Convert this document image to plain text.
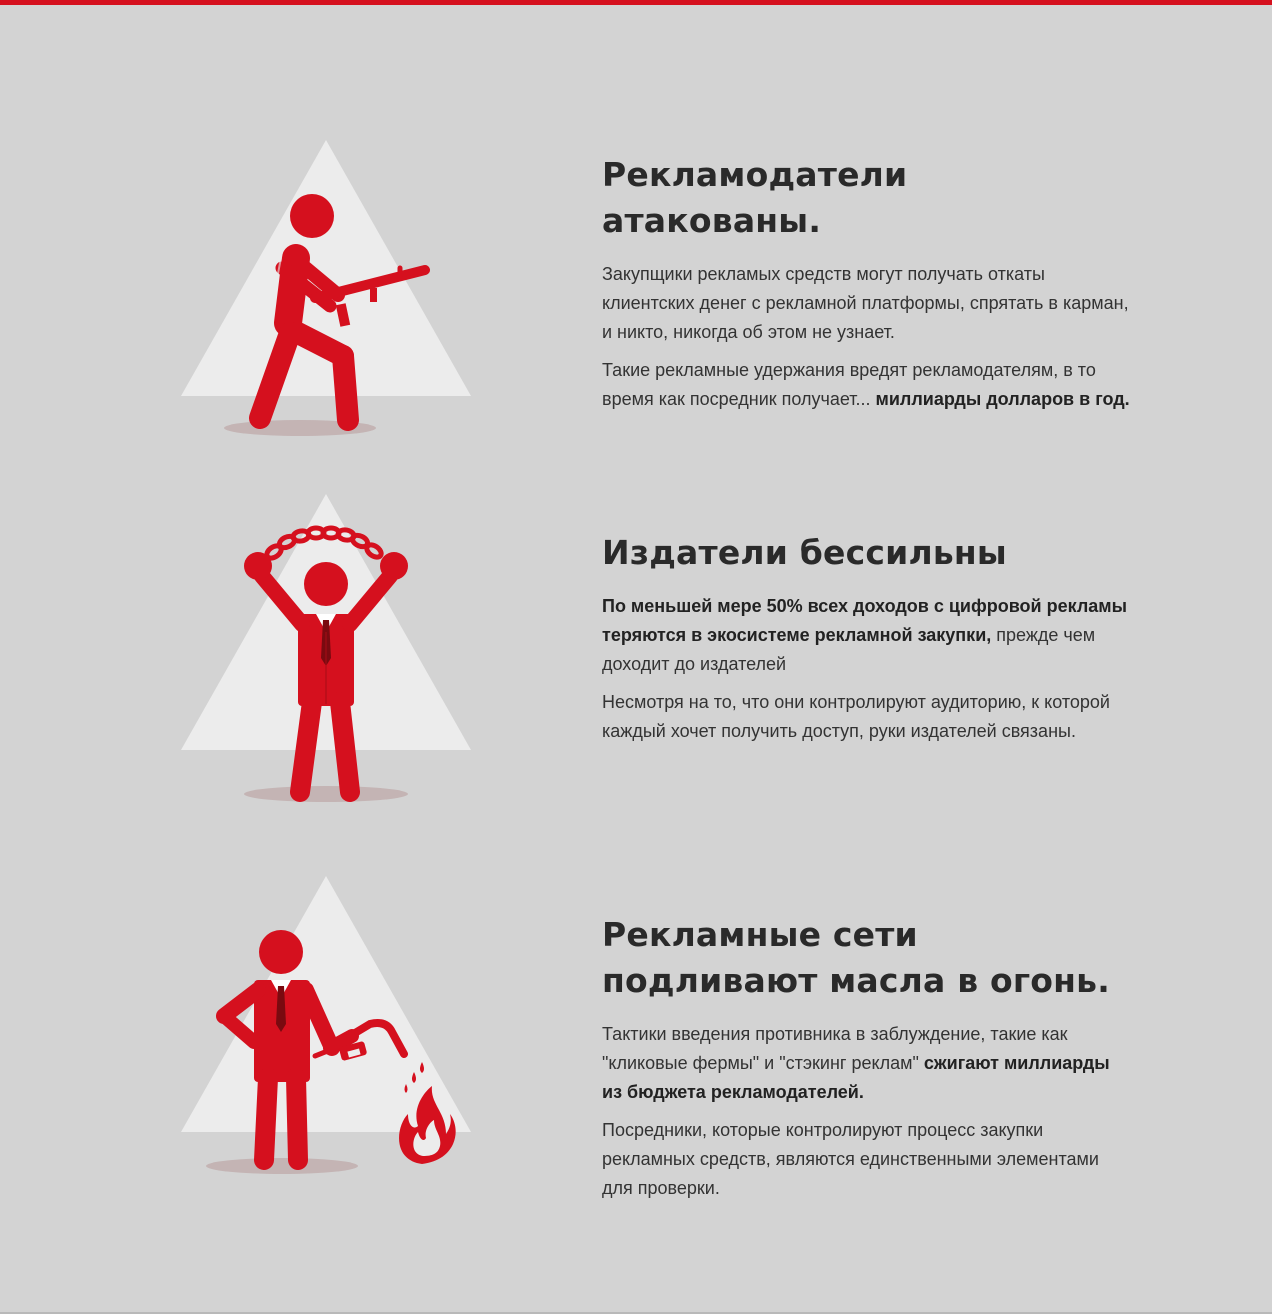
Рекламодатели атакованы.

Закупщики рекламых средств могут получать откаты клиентских денег с рекламной платформы, спрятать в карман, и никто, никогда об этом не узнает.

Такие рекламные удержания вредят рекламодателям, в то время как посредник получает... миллиарды долларов в год.

Издатели бессильны

По меньшей мере 50% всех доходов с цифровой рекламы теряются в экосистеме рекламной закупки, прежде чем доходит до издателей

Несмотря на то, что они контролируют аудиторию, к которой каждый хочет получить доступ, руки издателей связаны.

Рекламные сети подливают масла в огонь.

Тактики введения противника в заблуждение, такие как "кликовые фермы" и "стэкинг реклам" сжигают миллиарды из бюджета рекламодателей.

Посредники, которые контролируют процесс закупки рекламных средств, являются единственными элементами для проверки.
